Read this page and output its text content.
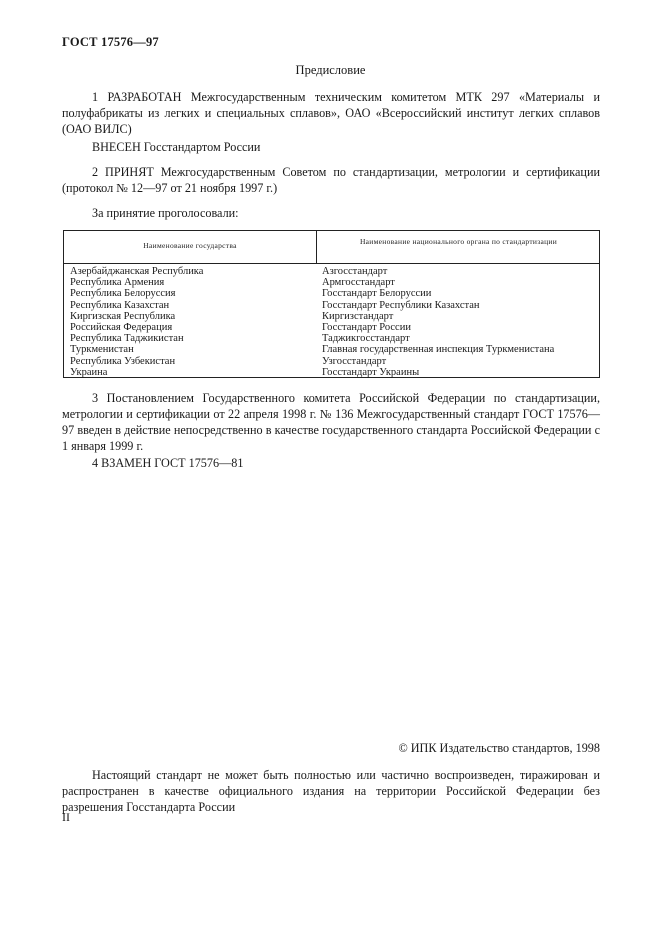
ГОСТ 17576—97
Предисловие
1 РАЗРАБОТАН Межгосударственным техническим комитетом МТК 297 «Материалы и полуфабрикаты из легких и специальных сплавов», ОАО «Всероссийский институт легких сплавов (ОАО ВИЛС)
ВНЕСЕН Госстандартом России
2 ПРИНЯТ Межгосударственным Советом по стандартизации, метрологии и сертификации (протокол № 12—97 от 21 ноября 1997 г.)
За принятие проголосовали:
Наименование государства	Наименование национального органа по стандартизации
Азербайджанская Республика	Азгосстандарт
Республика Армения	Армгосстандарт
Республика Белоруссия	Госстандарт Белоруссии
Республика Казахстан	Госстандарт Республики Казахстан
Киргизская Республика	Киргизстандарт
Российская Федерация	Госстандарт России
Республика Таджикистан	Таджикгосстандарт
Туркменистан	Главная государственная инспекция Туркменистана
Республика Узбекистан	Узгосстандарт
Украина	Госстандарт Украины
3 Постановлением Государственного комитета Российской Федерации по стандартизации, метрологии и сертификации от 22 апреля 1998 г. № 136 Межгосударственный стандарт ГОСТ 17576—97 введен в действие непосредственно в качестве государственного стандарта Российской Федерации с 1 января 1999 г.
4 ВЗАМЕН ГОСТ 17576—81
© ИПК Издательство стандартов, 1998
Настоящий стандарт не может быть полностью или частично воспроизведен, тиражирован и распространен в качестве официального издания на территории Российской Федерации без разрешения Госстандарта России
II
